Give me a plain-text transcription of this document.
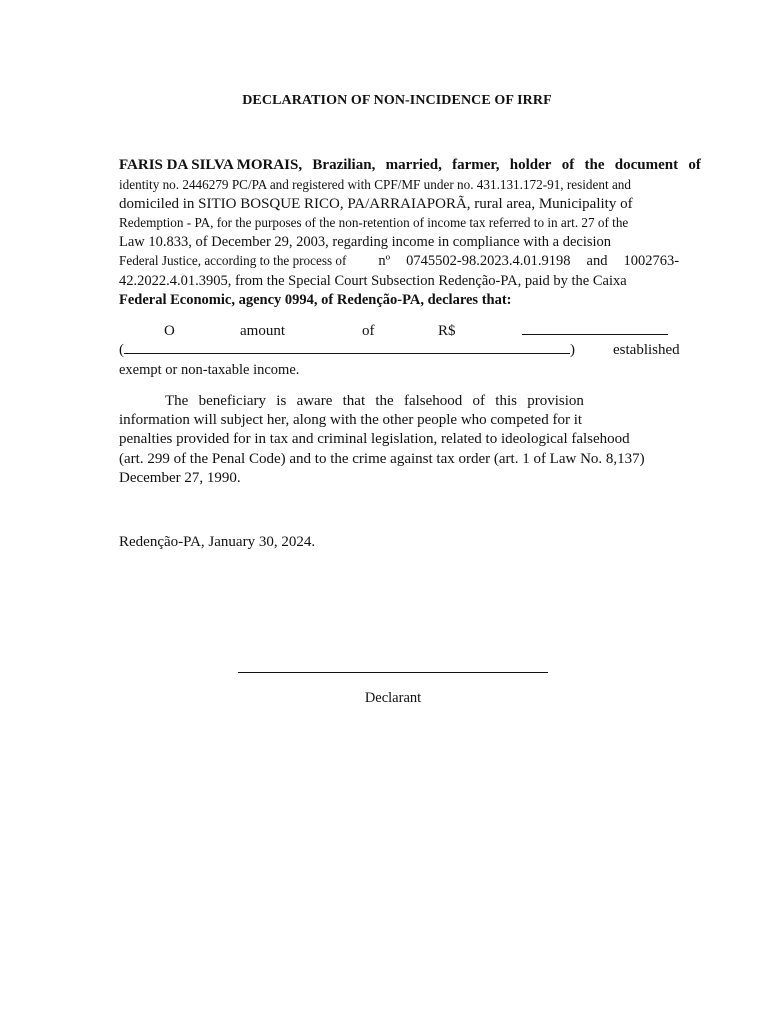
DECLARATION OF NON-INCIDENCE OF IRRF
FARIS DA SILVA MORAIS, Brazilian, married, farmer, holder of the document of
identity no. 2446279 PC/PA and registered with CPF/MF under no. 431.131.172-91, resident and
domiciled in SITIO BOSQUE RICO, PA/ARRAIAPORÃ, rural area, Municipality of
Redemption - PA, for the purposes of the non-retention of income tax referred to in art. 27 of the
Law 10.833, of December 29, 2003, regarding income in compliance with a decision
Federal Justice, according to the process of nº 0745502-98.2023.4.01.9198 and 1002763-
42.2022.4.01.3905, from the Special Court Subsection Redenção-PA, paid by the Caixa
Federal Economic, agency 0994, of Redenção-PA, declares that:
O	amount	of	R$
(	)	established
exempt or non-taxable income.
The beneficiary is aware that the falsehood of this provision
information will subject her, along with the other people who competed for it
penalties provided for in tax and criminal legislation, related to ideological falsehood
(art. 299 of the Penal Code) and to the crime against tax order (art. 1 of Law No. 8,137)
December 27, 1990.
Redenção-PA, January 30, 2024.
Declarant
